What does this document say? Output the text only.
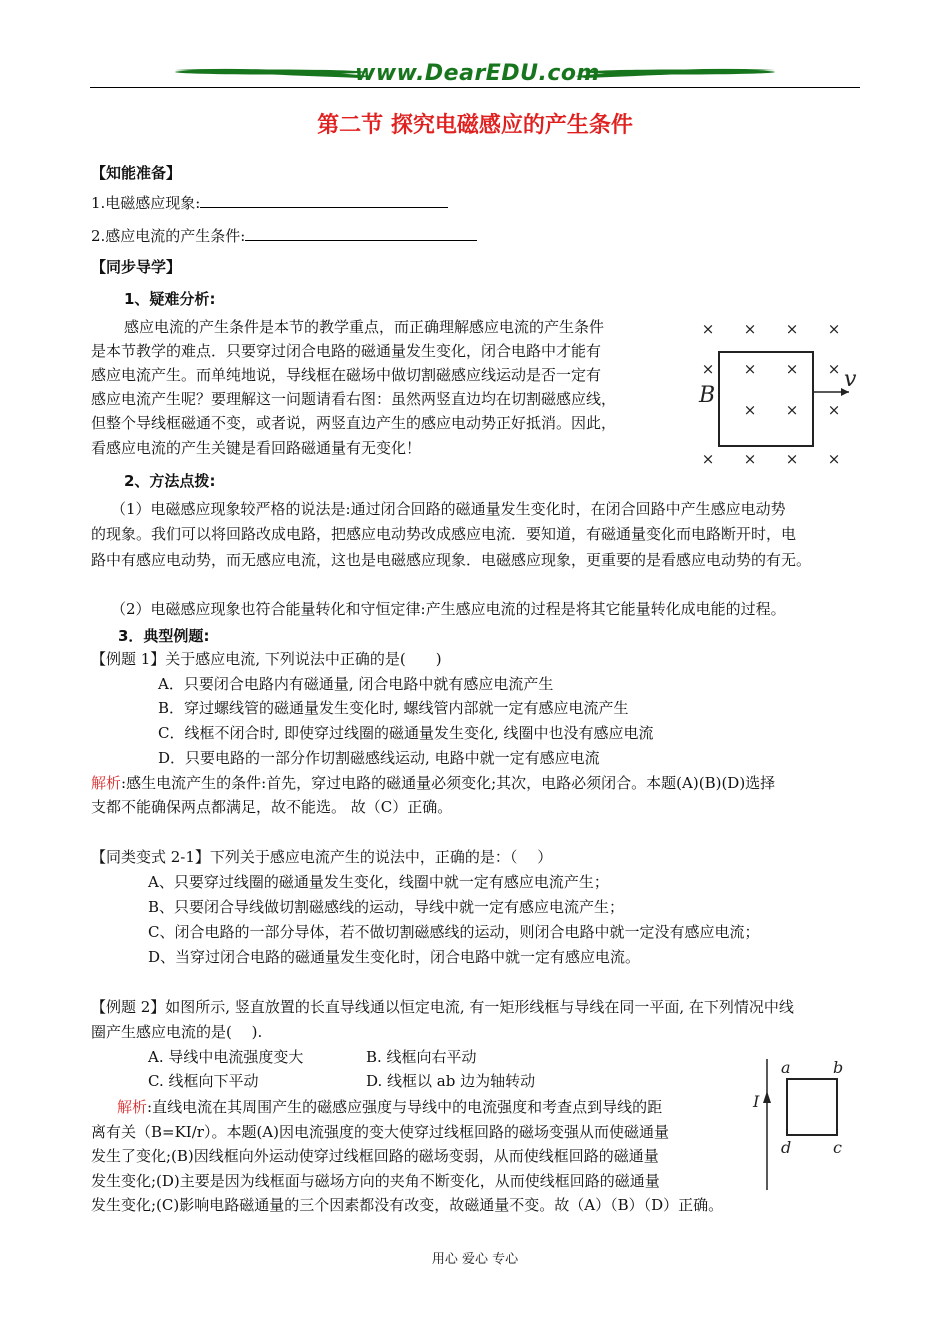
www.DearEDU.com
第二节 探究电磁感应的产生条件
【知能准备】
1.电磁感应现象:
2.感应电流的产生条件:
【同步导学】
1、疑难分析:
感应电流的产生条件是本节的教学重点，而正确理解感应电流的产生条件
是本节教学的难点．只要穿过闭合电路的磁通量发生变化，闭合电路中才能有
感应电流产生。而单纯地说，导线框在磁场中做切割磁感应线运动是否一定有
感应电流产生呢？要理解这一问题请看右图：虽然两竖直边均在切割磁感应线，
但整个导线框磁通不变，或者说，两竖直边产生的感应电动势正好抵消。因此，
看感应电流的产生关键是看回路磁通量有无变化！
× × × ×
× × × ×
× × ×
× × × ×
B
v
2、方法点拨:
（1）电磁感应现象较严格的说法是:通过闭合回路的磁通量发生变化时，在闭合回路中产生感应电动势
的现象。我们可以将回路改成电路，把感应电动势改成感应电流．要知道，有磁通量变化而电路断开时，电
路中有感应电动势，而无感应电流，这也是电磁感应现象．电磁感应现象，更重要的是看感应电动势的有无。
（2）电磁感应现象也符合能量转化和守恒定律:产生感应电流的过程是将其它能量转化成电能的过程。
3．典型例题:
【例题 1】关于感应电流, 下列说法中正确的是(　　)
A．只要闭合电路内有磁通量, 闭合电路中就有感应电流产生
B．穿过螺线管的磁通量发生变化时, 螺线管内部就一定有感应电流产生
C．线框不闭合时, 即使穿过线圈的磁通量发生变化, 线圈中也没有感应电流
D．只要电路的一部分作切割磁感线运动, 电路中就一定有感应电流
解析:感生电流产生的条件:首先，穿过电路的磁通量必须变化;其次，电路必须闭合。本题(A)(B)(D)选择
支都不能确保两点都满足，故不能选。 故（C）正确。
【同类变式 2-1】下列关于感应电流产生的说法中，正确的是：（　 ）
A、只要穿过线圈的磁通量发生变化，线圈中就一定有感应电流产生；
B、只要闭合导线做切割磁感线的运动，导线中就一定有感应电流产生；
C、闭合电路的一部分导体，若不做切割磁感线的运动，则闭合电路中就一定没有感应电流；
D、当穿过闭合电路的磁通量发生变化时，闭合电路中就一定有感应电流。
【例题 2】如图所示, 竖直放置的长直导线通以恒定电流, 有一矩形线框与导线在同一平面, 在下列情况中线
圈产生感应电流的是(　 ).
A. 导线中电流强度变大	B. 线框向右平动
C. 线框向下平动	D. 线框以 ab 边为轴转动
解析:直线电流在其周围产生的磁感应强度与导线中的电流强度和考查点到导线的距
离有关（B=KI/r）。本题(A)因电流强度的变大使穿过线框回路的磁场变强从而使磁通量
发生了变化;(B)因线框向外运动使穿过线框回路的磁场变弱，从而使线框回路的磁通量
发生变化;(D)主要是因为线框面与磁场方向的夹角不断变化，从而使线框回路的磁通量
发生变化;(C)影响电路磁通量的三个因素都没有改变，故磁通量不变。故（A）（B）（D）正确。
I
a	b
d	c
用心 爱心 专心
